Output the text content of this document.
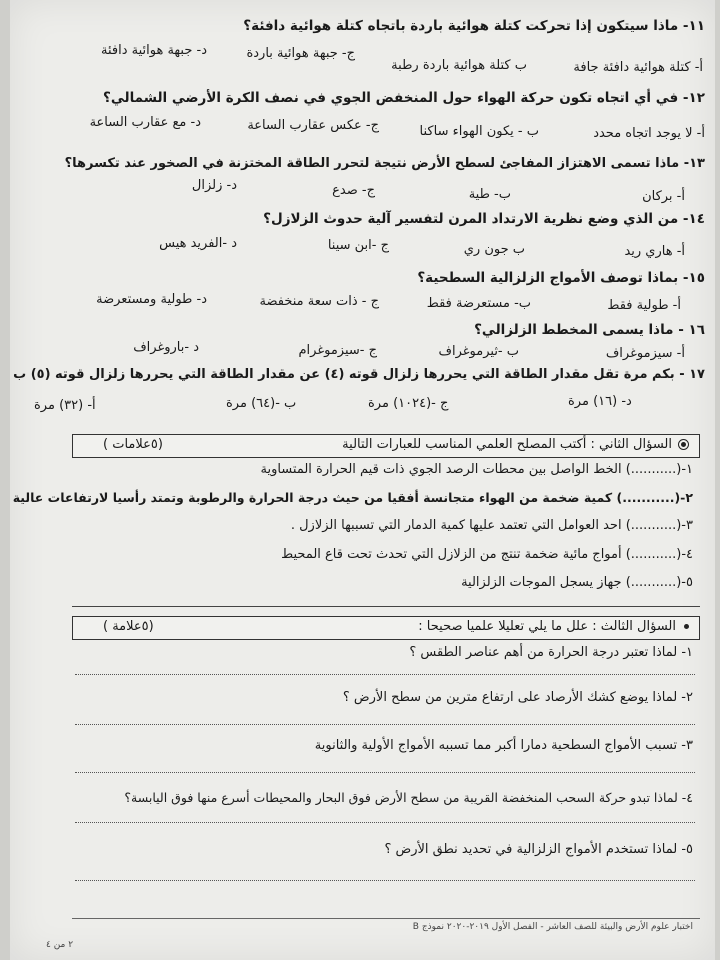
١١- ماذا سيتكون إذا تحركت كتلة هوائية باردة باتجاه كتلة هوائية دافئة؟
أ- كتلة هوائية دافئة جافة
ب كتلة هوائية باردة رطبة
ج- جبهة هوائية باردة
د- جبهة هوائية دافئة
١٢- في أي اتجاه تكون حركة الهواء حول المنخفض الجوي في نصف الكرة الأرضي الشمالي؟
أ- لا يوجد اتجاه محدد
ب - يكون الهواء ساكنا
ج- عكس عقارب الساعة
د- مع عقارب الساعة
١٣- ماذا تسمى الاهتزاز المفاجئ لسطح الأرض نتيجة لتحرر الطاقة المختزنة في الصخور عند تكسرها؟
أ- بركان
ب- طية
ج- صدع
د- زلزال
١٤- من الذي وضع نظرية الارتداد المرن لتفسير آلية حدوث الزلازل؟
أ- هاري ريد
ب جون ري
ج -ابن سينا
د -الفريد هيس
١٥- بماذا توصف الأمواج الزلزالية السطحية؟
أ- طولية فقط
ب- مستعرضة فقط
ج - ذات سعة منخفضة
د- طولية ومستعرضة
١٦ - ماذا يسمى المخطط الزلزالي؟
أ- سيزموغراف
ب -ثيرموغراف
ج -سيزموغرام
د -باروغراف
١٧ - بكم مرة تقل مقدار الطاقة التي يحررها زلزال قوته (٤) عن مقدار الطاقة التي يحررها زلزال قوته (٥) ب
أ- (٣٢) مرة	ب -(٦٤) مرة	ج -(١٠٢٤) مرة	د- (١٦) مرة
السؤال الثاني : أكتب المصلح العلمي المناسب للعبارات التالية
(٥علامات )
١-(...........) الخط الواصل بين محطات الرصد الجوي ذات قيم الحرارة المتساوية
٢-(...........) كمية ضخمة من الهواء متجانسة أفقيا من حيث درجة الحرارة والرطوبة وتمتد رأسيا لارتفاعات عالية
٣-(...........) احد العوامل التي تعتمد عليها كمية الدمار التي تسببها الزلازل .
٤-(...........) أمواج مائية ضخمة تنتج من الزلازل التي تحدث تحت قاع المحيط
٥-(...........) جهاز يسجل الموجات الزلزالية
السؤال الثالث : علل ما يلي تعليلا علميا صحيحا :
(٥علامة )
١- لماذا تعتبر درجة الحرارة من أهم عناصر الطقس ؟
٢- لماذا يوضع كشك الأرصاد على ارتفاع مترين من سطح الأرض ؟
٣- تسبب الأمواج السطحية دمارا أكبر مما تسببه الأمواج الأولية والثانوية
٤- لماذا تبدو حركة السحب المنخفضة القريبة من سطح الأرض فوق البحار والمحيطات أسرع منها فوق اليابسة؟
٥- لماذا تستخدم الأمواج الزلزالية في تحديد نطق الأرض ؟
اختبار علوم الأرض والبيئة للصف العاشر - الفصل الأول ٢٠١٩-٢٠٢٠ نموذج B
٢ من ٤
